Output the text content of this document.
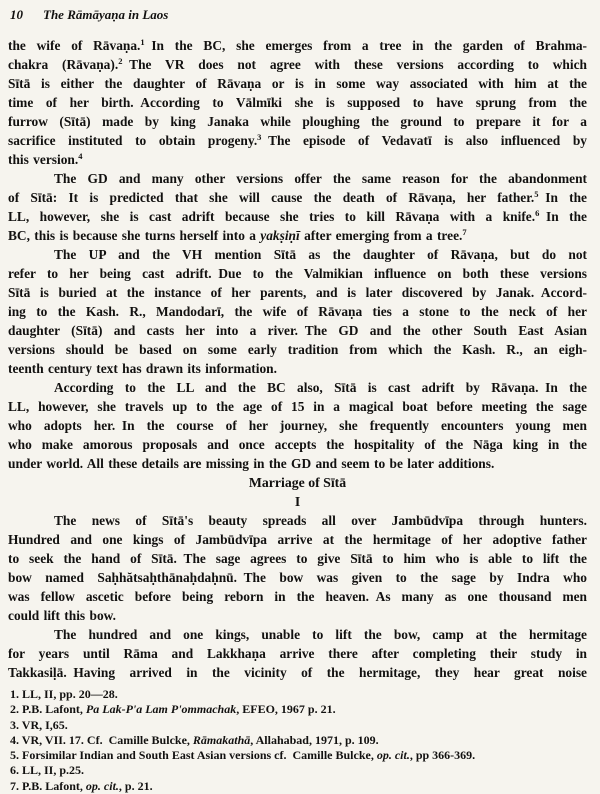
10 The Rāmāyaṇa in Laos
the wife of Rāvaṇa.$^1$ In the BC, she emerges from a tree in the garden of Brahma-
chakra (Rāvaṇa).$^2$ The VR does not agree with these versions according to which
Sītā is either the daughter of Rāvaṇa or is in some way associated with him at the
time of her birth. According to Vālmīki she is supposed to have sprung from the
furrow (Sītā) made by king Janaka while ploughing the ground to prepare it for a
sacrifice instituted to obtain progeny.$^3$ The episode of Vedavatī is also influenced by
this version.$^4$
The GD and many other versions offer the same reason for the abandonment
of Sītā: It is predicted that she will cause the death of Rāvaṇa, her father.$^5$ In the
LL, however, she is cast adrift because she tries to kill Rāvaṇa with a knife.$^6$ In the
BC, this is because she turns herself into a yakṣiṇī after emerging from a tree.$^7$
The UP and the VH mention Sītā as the daughter of Rāvaṇa, but do not
refer to her being cast adrift. Due to the Valmikian influence on both these versions
Sītā is buried at the instance of her parents, and is later discovered by Janak. Accord-
ing to the Kash. R., Mandodarī, the wife of Rāvaṇa ties a stone to the neck of her
daughter (Sītā) and casts her into a river. The GD and the other South East Asian
versions should be based on some early tradition from which the Kash. R., an eigh-
teenth century text has drawn its information.
According to the LL and the BC also, Sītā is cast adrift by Rāvaṇa. In the
LL, however, she travels up to the age of 15 in a magical boat before meeting the sage
who adopts her. In the course of her journey, she frequently encounters young men
who make amorous proposals and once accepts the hospitality of the Nāga king in the
under world. All these details are missing in the GD and seem to be later additions.
Marriage of Sītā
I
The news of Sītā's beauty spreads all over Jambūdvīpa through hunters.
Hundred and one kings of Jambūdvīpa arrive at the hermitage of her adoptive father
to seek the hand of Sītā. The sage agrees to give Sītā to him who is able to lift the
bow named Saḥhătsaḥthānaḥdaḥnū. The bow was given to the sage by Indra who
was fellow ascetic before being reborn in the heaven. As many as one thousand men
could lift this bow.
The hundred and one kings, unable to lift the bow, camp at the hermitage
for years until Rāma and Lakkhaṇa arrive there after completing their study in
Takkasiḷā. Having arrived in the vicinity of the hermitage, they hear great noise
1. LL, II, pp. 20—28.
2. P.B. Lafont, Pa Lak-P'a Lam P'ommachak, EFEO, 1967 p. 21.
3. VR, I,65.
4. VR, VII. 17. Cf. Camille Bulcke, Rāmakathā, Allahabad, 1971, p. 109.
5. Forsimilar Indian and South East Asian versions cf. Camille Bulcke, op. cit., pp 366-369.
6. LL, II, p.25.
7. P.B. Lafont, op. cit., p. 21.
